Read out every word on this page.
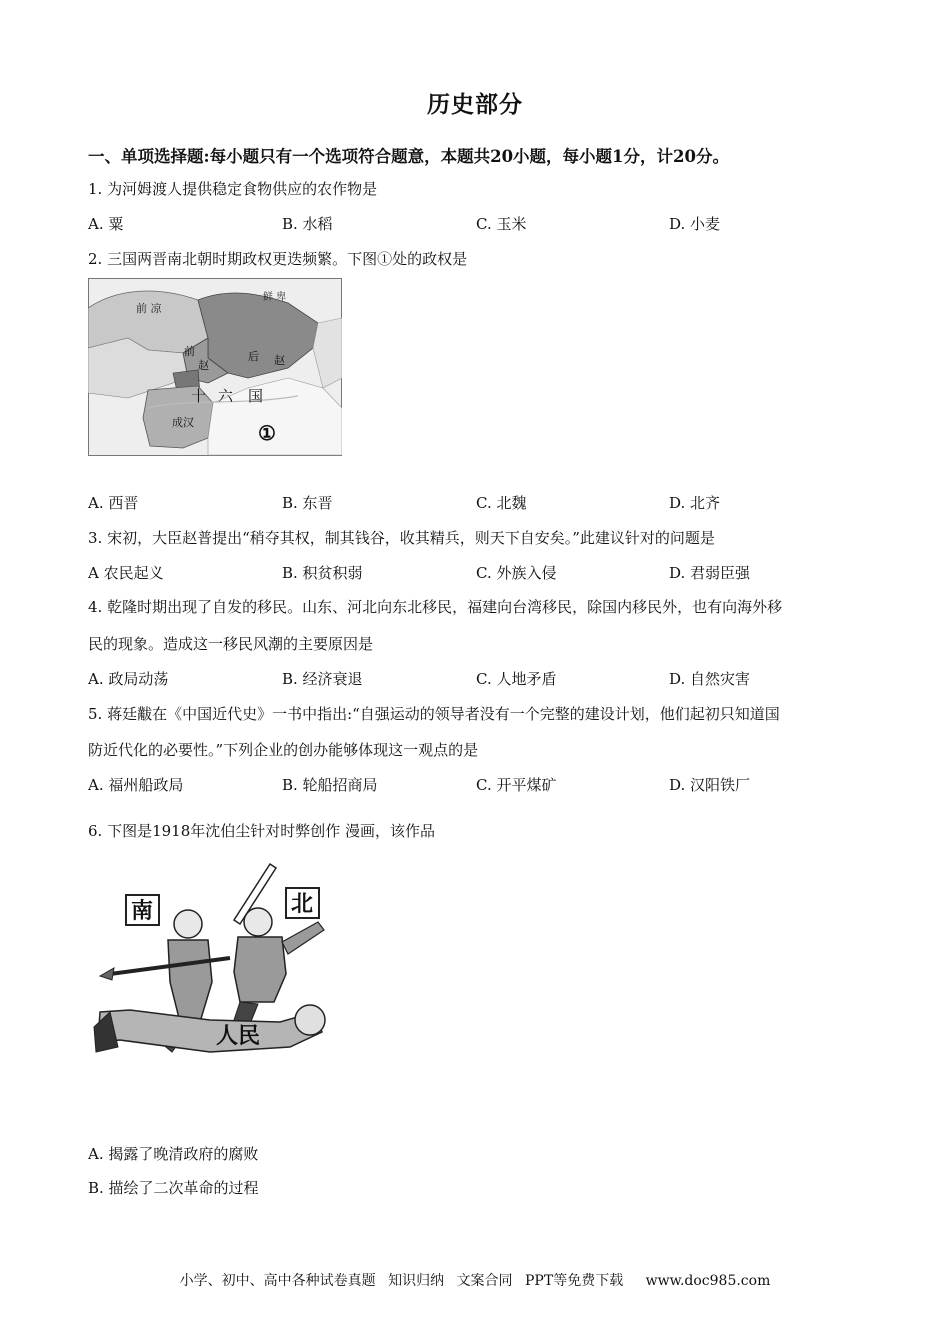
历史部分
一、单项选择题:每小题只有一个选项符合题意，本题共20小题，每小题1分，计20分。
1. 为河姆渡人提供稳定食物供应的农作物是
A. 粟	B. 水稻	C. 玉米	D. 小麦
2. 三国两晋南北朝时期政权更迭频繁。下图①处的政权是
前 凉
鲜 卑
前
赵
后 赵
十 六 国
成汉	①
A. 西晋	B. 东晋	C. 北魏	D. 北齐
3. 宋初，大臣赵普提出“稍夺其权，制其钱谷，收其精兵，则天下自安矣。”此建议针对的问题是
A 农民起义	B. 积贫积弱	C. 外族入侵	D. 君弱臣强
4. 乾隆时期出现了自发的移民。山东、河北向东北移民，福建向台湾移民，除国内移民外，也有向海外移
民的现象。造成这一移民风潮的主要原因是
A. 政局动荡	B. 经济衰退	C. 人地矛盾	D. 自然灾害
5. 蒋廷黻在《中国近代史》一书中指出:“自强运动的领导者没有一个完整的建设计划，他们起初只知道国
防近代化的必要性。”下列企业的创办能够体现这一观点的是
A. 福州船政局	B. 轮船招商局	C. 开平煤矿	D. 汉阳铁厂
6. 下图是1918年沈伯尘针对时弊创作 漫画，该作品
南	北
人民
A. 揭露了晚清政府的腐败
B. 描绘了二次革命的过程
小学、初中、高中各种试卷真题 知识归纳 文案合同 PPT等免费下载 www.doc985.com
